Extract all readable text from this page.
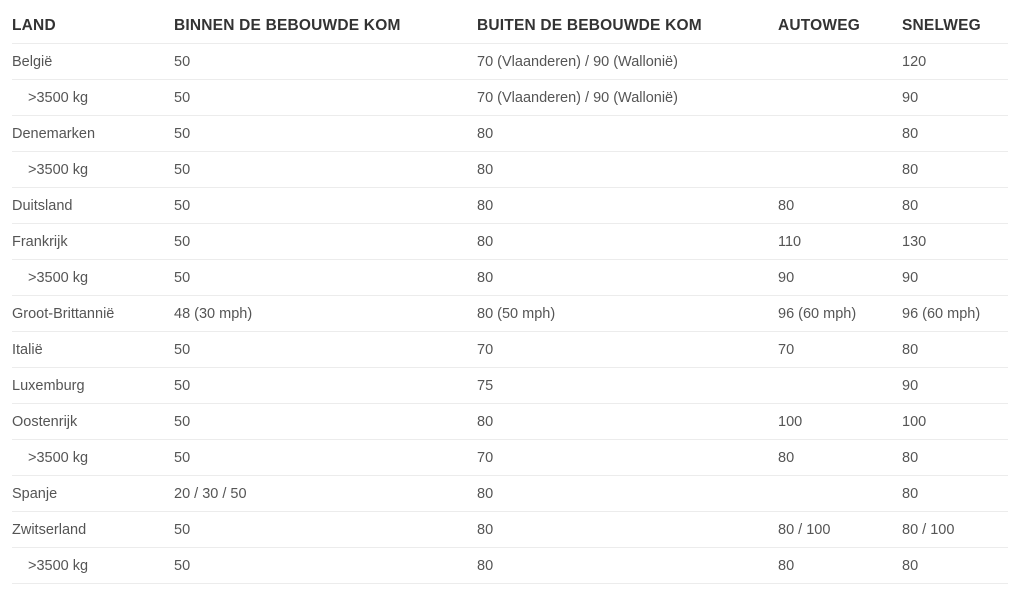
LAND	BINNEN DE BEBOUWDE KOM	BUITEN DE BEBOUWDE KOM	AUTOWEG	SNELWEG
België	50	70 (Vlaanderen) / 90 (Wallonië)		120
>3500 kg	50	70 (Vlaanderen) / 90 (Wallonië)		90
Denemarken	50	80		80
>3500 kg	50	80		80
Duitsland	50	80	80	80
Frankrijk	50	80	110	130
>3500 kg	50	80	90	90
Groot-Brittannië	48 (30 mph)	80 (50 mph)	96 (60 mph)	96 (60 mph)
Italië	50	70	70	80
Luxemburg	50	75		90
Oostenrijk	50	80	100	100
>3500 kg	50	70	80	80
Spanje	20 / 30 / 50	80		80
Zwitserland	50	80	80 / 100	80 / 100
>3500 kg	50	80	80	80
